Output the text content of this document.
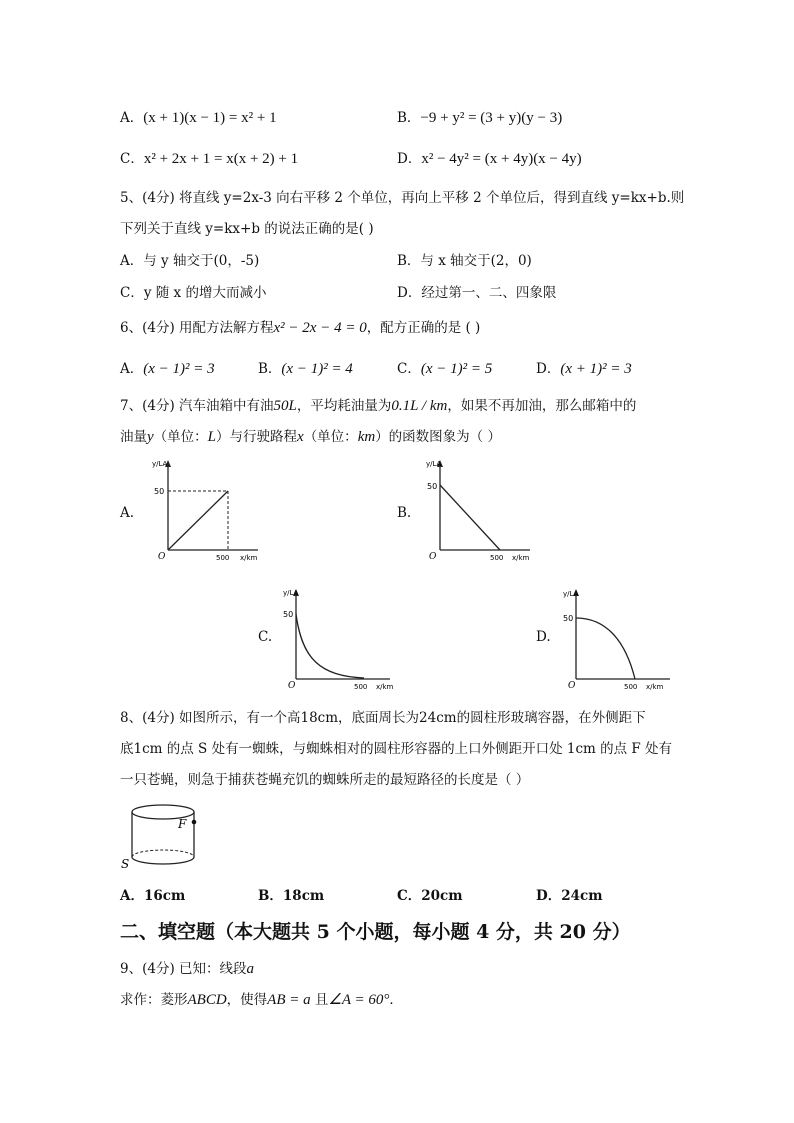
A．(x + 1)(x − 1) = x² + 1	B．−9 + y² = (3 + y)(y − 3)
C．x² + 2x + 1 = x(x + 2) + 1	D．x² − 4y² = (x + 4y)(x − 4y)
5、(4分) 将直线 y=2x-3 向右平移 2 个单位，再向上平移 2 个单位后，得到直线 y=kx+b.则
下列关于直线 y=kx+b 的说法正确的是( )
A．与 y 轴交于(0，-5)	B．与 x 轴交于(2，0)
C．y 随 x 的增大而减小	D．经过第一、二、四象限
6、(4分) 用配方法解方程x² − 2x − 4 = 0，配方正确的是 ( )
A．(x − 1)² = 3	B．(x − 1)² = 4	C．(x − 1)² = 5	D．(x + 1)² = 3
7、(4分) 汽车油箱中有油50L，平均耗油量为0.1L / km，如果不再加油，那么邮箱中的
油量y（单位：L）与行驶路程x（单位：km）的函数图象为（ ）
A.
y/LA
50
O	500 x/km
B.
y/LA
50
O	500 x/km
C.
y/LA
50
O	500 x/km
D.
y/LA
50
O	500 x/km
8、(4分) 如图所示，有一个高18cm，底面周长为24cm的圆柱形玻璃容器，在外侧距下
底1cm 的点 S 处有一蜘蛛，与蜘蛛相对的圆柱形容器的上口外侧距开口处 1cm 的点 F 处有
一只苍蝇，则急于捕获苍蝇充饥的蜘蛛所走的最短路径的长度是（ ）
F
S
A．16cm	B．18cm	C．20cm	D．24cm
二、填空题（本大题共 5 个小题，每小题 4 分，共 20 分）
9、(4分) 已知：线段a
求作：菱形ABCD，使得AB = a 且∠A = 60°．
